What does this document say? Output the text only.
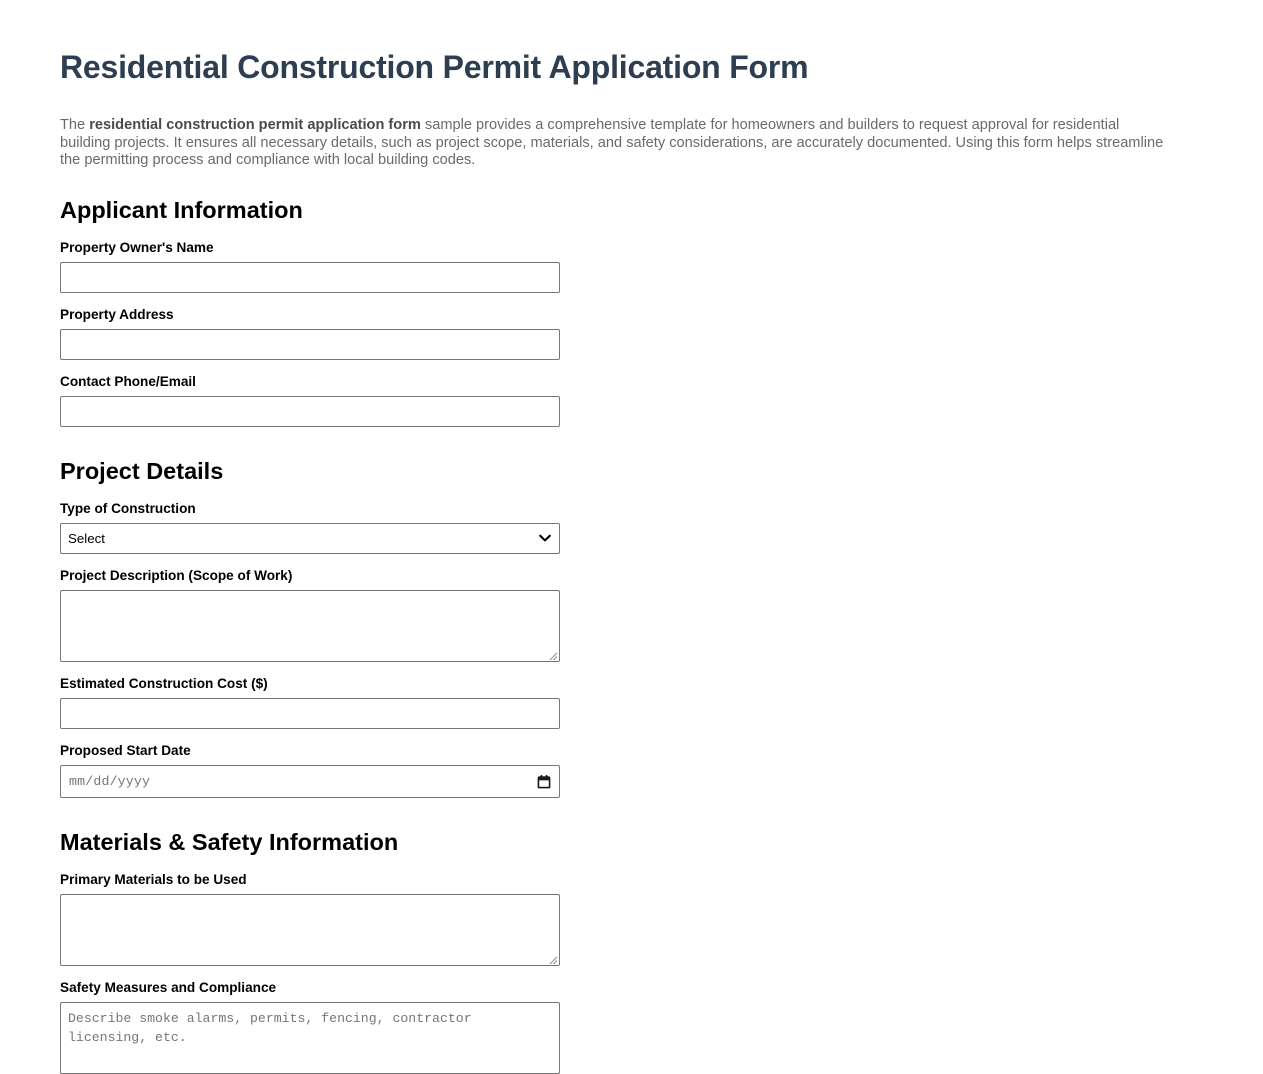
Residential Construction Permit Application Form

The residential construction permit application form sample provides a comprehensive template for homeowners and builders to request approval for residential building projects. It ensures all necessary details, such as project scope, materials, and safety considerations, are accurately documented. Using this form helps streamline the permitting process and compliance with local building codes.

Applicant Information
Property Owner's Name
Property Address
Contact Phone/Email
Project Details
Type of Construction
Select
Project Description (Scope of Work)
Estimated Construction Cost ($)
Proposed Start Date
mm/dd/yyyy
Materials & Safety Information
Primary Materials to be Used
Safety Measures and Compliance
Describe smoke alarms, permits, fencing, contractor licensing, etc.
